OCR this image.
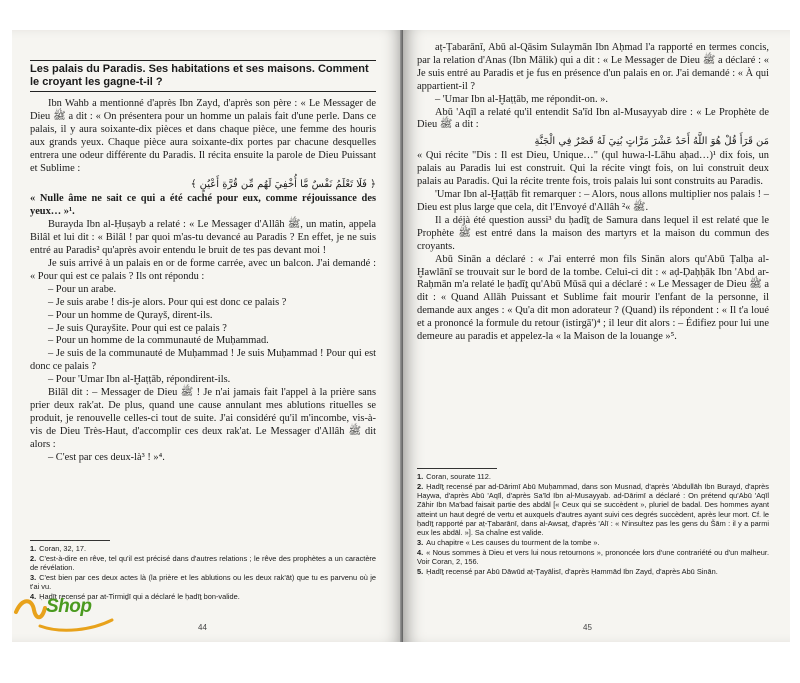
Les palais du Paradis. Ses habitations et ses maisons. Comment le croyant les gagne-t-il ?

Ibn Wahb a mentionné d'après Ibn Zayd, d'après son père : « Le Messager de Dieu ﷺ a dit : « On présentera pour un homme un palais fait d'une perle. Dans ce palais, il y aura soixante-dix pièces et dans chaque pièce, une femme des houris aux grands yeux. Chaque pièce aura soixante-dix portes par chacune desquelles entrera une odeur différente du Paradis. Il récita ensuite la parole de Dieu Puissant et Sublime :

﴿ فَلَا تَعْلَمُ نَفْسٌ مَّا أُخْفِيَ لَهُم مِّن قُرَّةِ أَعْيُنٍ ﴾

« Nulle âme ne sait ce qui a été caché pour eux, comme réjouissance des yeux… »¹.

Burayda Ibn al-Ḥuṣayb a relaté : « Le Messager d'Allâh ﷺ, un matin, appela Bilâl et lui dit : « Bilâl ! par quoi m'as-tu devancé au Paradis ? En effet, je ne suis entré au Paradis² qu'après avoir entendu le bruit de tes pas devant moi !

Je suis arrivé à un palais en or de forme carrée, avec un balcon. J'ai demandé : « Pour qui est ce palais ? Ils ont répondu :

– Pour un arabe.

– Je suis arabe ! dis-je alors. Pour qui est donc ce palais ?

– Pour un homme de Qurayš, dirent-ils.

– Je suis Qurayšite. Pour qui est ce palais ?

– Pour un homme de la communauté de Muḥammad.

– Je suis de la communauté de Muḥammad ! Je suis Muḥammad ! Pour qui est donc ce palais ?

– Pour 'Umar Ibn al-Ḫaṭṭāb, répondirent-ils.

Bilāl dit : – Messager de Dieu ﷺ ! Je n'ai jamais fait l'appel à la prière sans prier deux rak'at. De plus, quand une cause annulant mes ablutions rituelles se produit, je renouvelle celles-ci tout de suite. J'ai considéré qu'il m'incombe, vis-à-vis de Dieu Très-Haut, d'accomplir ces deux rak'at. Le Messager d'Allâh ﷺ dit alors :

– C'est par ces deux-là³ ! »⁴.

1. Coran, 32, 17.

2. C'est-à-dire en rêve, tel qu'il est précisé dans d'autres relations ; le rêve des prophètes a un caractère de révélation.

3. C'est bien par ces deux actes là (la prière et les ablutions ou les deux rak'āt) que tu es parvenu où je t'ai vu.

4. Ḥadīṯ recensé par at-Tirmiḏī qui a déclaré le ḥadīṯ bon-valide.

44

aṭ-Ṭabarānī, Abū al-Qāsim Sulaymān Ibn Aḥmad l'a rapporté en termes concis, par la relation d'Anas (Ibn Mālik) qui a dit : « Le Messager de Dieu ﷺ a déclaré : « Je suis entré au Paradis et je fus en présence d'un palais en or. J'ai demandé : « À qui appartient-il ?

– 'Umar Ibn al-Ḫaṭṭāb, me répondit-on. ».

Abū 'Aqīl a relaté qu'il entendit Sa'īd Ibn al-Musayyab dire : « Le Prophète de Dieu ﷺ a dit :

مَن قَرَأَ قُلْ هُوَ اللَّهُ أَحَدٌ عَشْرَ مَرَّاتٍ بُنِيَ لَهُ قَصْرٌ فِي الْجَنَّةِ

« Qui récite "Dis : Il est Dieu, Unique…" (qul huwa-l-Lāhu aḥad…)¹ dix fois, un palais au Paradis lui est construit. Qui la récite vingt fois, on lui construit deux palais au Paradis. Qui la récite trente fois, trois palais lui sont construits au Paradis.

'Umar Ibn al-Ḫaṭṭāb fit remarquer : – Alors, nous allons multiplier nos palais ! – Dieu est plus large que cela, dit l'Envoyé d'Allâh ﷺ »².

Il a déjà été question aussi³ du ḥadīṯ de Samura dans lequel il est relaté que le Prophète ﷺ est entré dans la maison des martyrs et la maison du commun des croyants.

Abū Sinān a déclaré : « J'ai enterré mon fils Sinān alors qu'Abū Ṭalḥa al-Ḫawlānī se trouvait sur le bord de la tombe. Celui-ci dit : « aḍ-Ḍaḥḥāk Ibn 'Abd ar-Raḥmān m'a relaté le ḥadīṯ qu'Abū Mūsā qui a déclaré : « Le Messager de Dieu ﷺ a dit : « Quand Allāh Puissant et Sublime fait mourir l'enfant de la personne, il demande aux anges : « Qu'a dit mon adorateur ? (Quand) ils répondent : « Il t'a loué et a prononcé la formule du retour (istirgā')⁴ ; il leur dit alors : – Édifiez pour lui une demeure au paradis et appelez-la « la Maison de la louange »⁵.

1. Coran, sourate 112.

2. Ḥadīṯ recensé par ad-Dārimī Abū Muḥammad, dans son Musnad, d'après 'Abdullāh Ibn Burayd, d'après Haywa, d'après Abū 'Aqīl, d'après Sa'īd Ibn al-Musayyab. ad-Dārimī a déclaré : On prétend qu'Abū 'Aqīl Zāhir Ibn Ma'bad faisait partie des abdāl [« Ceux qui se succèdent », pluriel de badal. Des hommes ayant atteint un haut degré de vertu et auxquels d'autres ayant suivi ces degrés succèdent, après leur mort. Cf. le ḥadīṯ rapporté par aṭ-Ṭabarānī, dans al-Awsaṭ, d'après 'Alī : « N'insultez pas les gens du Šām : il y a parmi eux les abdāl. »]. Sa chaîne est valide.

3. Au chapitre « Les causes du tourment de la tombe ».

4. « Nous sommes à Dieu et vers lui nous retournons », prononcée lors d'une contrariété ou d'un malheur. Voir Coran, 2, 156.

5. Ḥadīṯ recensé par Abū Dāwūd aṭ-Ṭayālisī, d'après Ḥammād Ibn Zayd, d'après Abū Sinān.

45
Shop
